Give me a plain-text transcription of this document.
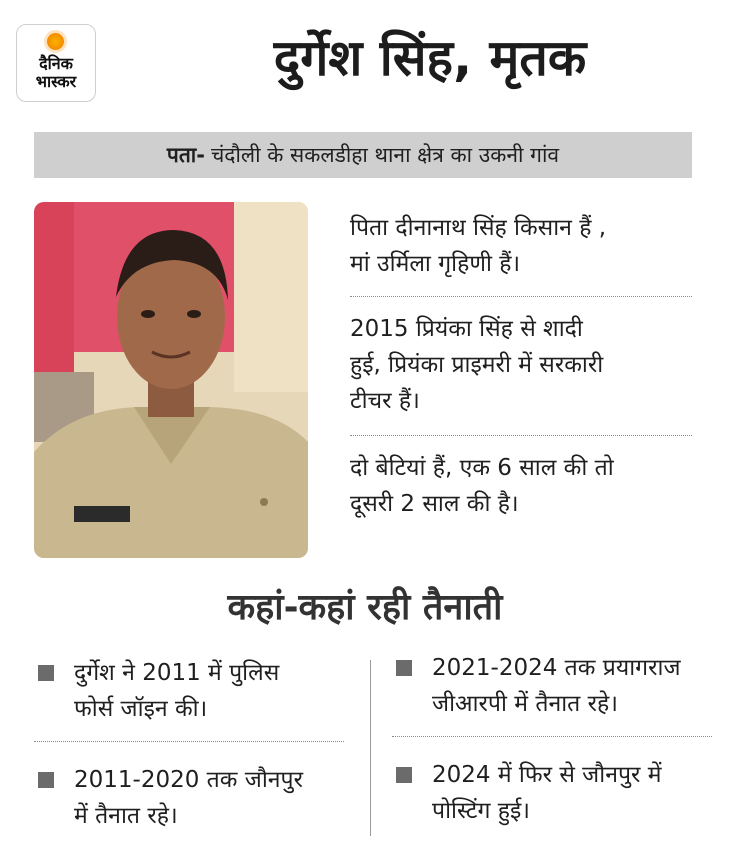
दैनिक
भास्कर	दुर्गेश सिंह, मृतक
पता- चंदौली के सकलडीहा थाना क्षेत्र का उकनी गांव
पिता दीनानाथ सिंह किसान हैं ,
मां उर्मिला गृहिणी हैं।
2015 प्रियंका सिंह से शादी
हुई, प्रियंका प्राइमरी में सरकारी
टीचर हैं।
दो बेटियां हैं, एक 6 साल की तो
दूसरी 2 साल की है।
कहां-कहां रही तैनाती
दुर्गेश ने 2011 में पुलिस
फोर्स जॉइन की।
2011-2020 तक जौनपुर
में तैनात रहे।
2021-2024 तक प्रयागराज
जीआरपी में तैनात रहे।
2024 में फिर से जौनपुर में
पोस्टिंग हुई।
